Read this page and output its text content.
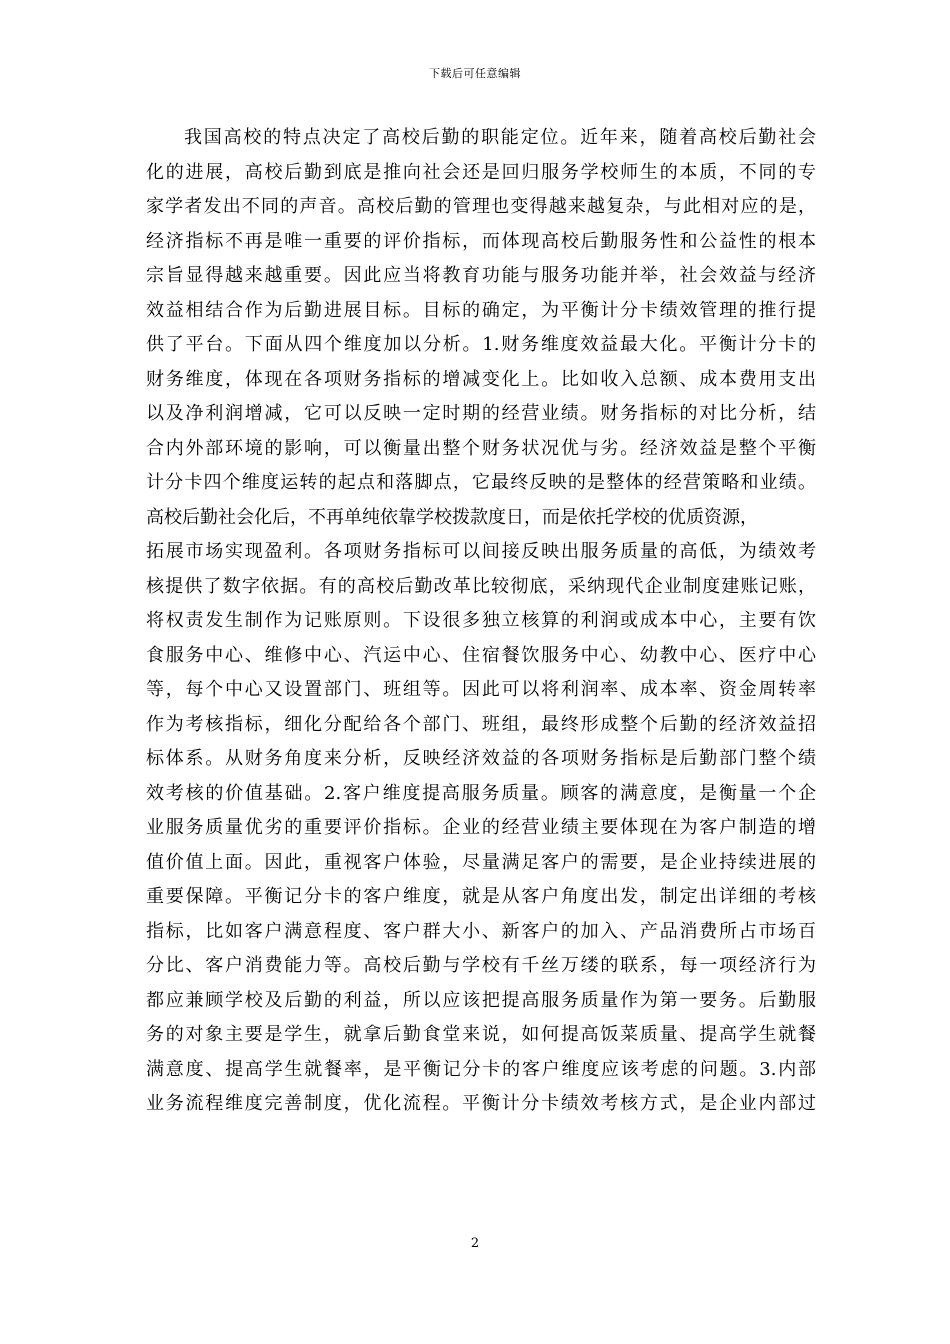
下载后可任意编辑
我国高校的特点决定了高校后勤的职能定位。近年来，随着高校后勤社会
化的进展，高校后勤到底是推向社会还是回归服务学校师生的本质，不同的专
家学者发出不同的声音。高校后勤的管理也变得越来越复杂，与此相对应的是，
经济指标不再是唯一重要的评价指标，而体现高校后勤服务性和公益性的根本
宗旨显得越来越重要。因此应当将教育功能与服务功能并举，社会效益与经济
效益相结合作为后勤进展目标。目标的确定，为平衡计分卡绩效管理的推行提
供了平台。下面从四个维度加以分析。1.财务维度效益最大化。平衡计分卡的
财务维度，体现在各项财务指标的增减变化上。比如收入总额、成本费用支出
以及净利润增减，它可以反映一定时期的经营业绩。财务指标的对比分析，结
合内外部环境的影响，可以衡量出整个财务状况优与劣。经济效益是整个平衡
计分卡四个维度运转的起点和落脚点，它最终反映的是整体的经营策略和业绩。
高校后勤社会化后，不再单纯依靠学校拨款度日，而是依托学校的优质资源，
拓展市场实现盈利。各项财务指标可以间接反映出服务质量的高低，为绩效考
核提供了数字依据。有的高校后勤改革比较彻底，采纳现代企业制度建账记账，
将权责发生制作为记账原则。下设很多独立核算的利润或成本中心，主要有饮
食服务中心、维修中心、汽运中心、住宿餐饮服务中心、幼教中心、医疗中心
等，每个中心又设置部门、班组等。因此可以将利润率、成本率、资金周转率
作为考核指标，细化分配给各个部门、班组，最终形成整个后勤的经济效益招
标体系。从财务角度来分析，反映经济效益的各项财务指标是后勤部门整个绩
效考核的价值基础。2.客户维度提高服务质量。顾客的满意度，是衡量一个企
业服务质量优劣的重要评价指标。企业的经营业绩主要体现在为客户制造的增
值价值上面。因此，重视客户体验，尽量满足客户的需要，是企业持续进展的
重要保障。平衡记分卡的客户维度，就是从客户角度出发，制定出详细的考核
指标，比如客户满意程度、客户群大小、新客户的加入、产品消费所占市场百
分比、客户消费能力等。高校后勤与学校有千丝万缕的联系，每一项经济行为
都应兼顾学校及后勤的利益，所以应该把提高服务质量作为第一要务。后勤服
务的对象主要是学生，就拿后勤食堂来说，如何提高饭菜质量、提高学生就餐
满意度、提高学生就餐率，是平衡记分卡的客户维度应该考虑的问题。3.内部
业务流程维度完善制度，优化流程。平衡计分卡绩效考核方式，是企业内部过
2
